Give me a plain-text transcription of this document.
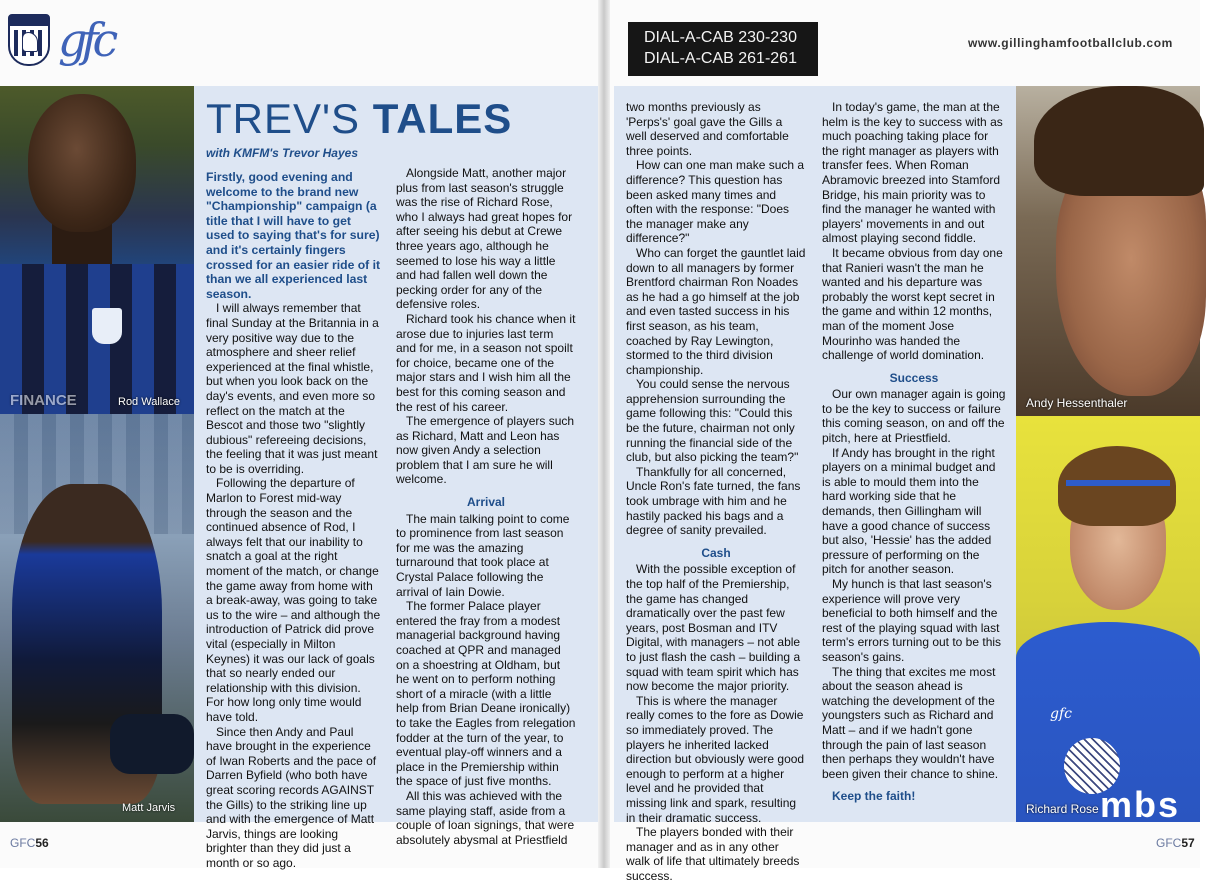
gfc	DIAL-A-CAB 230-230
DIAL-A-CAB 261-261
www.gillinghamfootballclub.com
FINANCE	Rod Wallace
Matt Jarvis
Andy Hessenthaler
gfc
mbs
Richard Rose
TREV'S TALES
with KMFM's Trevor Hayes

Firstly, good evening and welcome to the brand new "Championship" campaign (a title that I will have to get used to saying that's for sure) and it's certainly fingers crossed for an easier ride of it than we all experienced last season.

I will always remember that final Sunday at the Britannia in a very positive way due to the atmosphere and sheer relief experienced at the final whistle, but when you look back on the day's events, and even more so reflect on the match at the Bescot and those two "slightly dubious" refereeing decisions, the feeling that it was just meant to be is overriding.

Following the departure of Marlon to Forest mid-way through the season and the continued absence of Rod, I always felt that our inability to snatch a goal at the right moment of the match, or change the game away from home with a break-away, was going to take us to the wire – and although the introduction of Patrick did prove vital (especially in Milton Keynes) it was our lack of goals that so nearly ended our relationship with this division. For how long only time would have told.

Since then Andy and Paul have brought in the experience of Iwan Roberts and the pace of Darren Byfield (who both have great scoring records AGAINST the Gills) to the striking line up and with the emergence of Matt Jarvis, things are looking brighter than they did just a month or so ago.

Alongside Matt, another major plus from last season's struggle was the rise of Richard Rose, who I always had great hopes for after seeing his debut at Crewe three years ago, although he seemed to lose his way a little and had fallen well down the pecking order for any of the defensive roles.

Richard took his chance when it arose due to injuries last term and for me, in a season not spoilt for choice, became one of the major stars and I wish him all the best for this coming season and the rest of his career.

The emergence of players such as Richard, Matt and Leon has now given Andy a selection problem that I am sure he will welcome.

Arrival

The main talking point to come to prominence from last season for me was the amazing turnaround that took place at Crystal Palace following the arrival of Iain Dowie.

The former Palace player entered the fray from a modest managerial background having coached at QPR and managed on a shoestring at Oldham, but he went on to perform nothing short of a miracle (with a little help from Brian Deane ironically) to take the Eagles from relegation fodder at the turn of the year, to eventual play-off winners and a place in the Premiership within the space of just five months.

All this was achieved with the same playing staff, aside from a couple of loan signings, that were absolutely abysmal at Priestfield

two months previously as 'Perps's' goal gave the Gills a well deserved and comfortable three points.

How can one man make such a difference? This question has been asked many times and often with the response: "Does the manager make any difference?"

Who can forget the gauntlet laid down to all managers by former Brentford chairman Ron Noades as he had a go himself at the job and even tasted success in his first season, as his team, coached by Ray Lewington, stormed to the third division championship.

You could sense the nervous apprehension surrounding the game following this: "Could this be the future, chairman not only running the financial side of the club, but also picking the team?"

Thankfully for all concerned, Uncle Ron's fate turned, the fans took umbrage with him and he hastily packed his bags and a degree of sanity prevailed.

Cash

With the possible exception of the top half of the Premiership, the game has changed dramatically over the past few years, post Bosman and ITV Digital, with managers – not able to just flash the cash – building a squad with team spirit which has now become the major priority.

This is where the manager really comes to the fore as Dowie so immediately proved. The players he inherited lacked direction but obviously were good enough to perform at a higher level and he provided that missing link and spark, resulting in their dramatic success.

The players bonded with their manager and as in any other walk of life that ultimately breeds success.

In today's game, the man at the helm is the key to success with as much poaching taking place for the right manager as players with transfer fees. When Roman Abramovic breezed into Stamford Bridge, his main priority was to find the manager he wanted with players' movements in and out almost playing second fiddle.

It became obvious from day one that Ranieri wasn't the man he wanted and his departure was probably the worst kept secret in the game and within 12 months, man of the moment Jose Mourinho was handed the challenge of world domination.

Success

Our own manager again is going to be the key to success or failure this coming season, on and off the pitch, here at Priestfield.

If Andy has brought in the right players on a minimal budget and is able to mould them into the hard working side that he demands, then Gillingham will have a good chance of success but also, 'Hessie' has the added pressure of performing on the pitch for another season.

My hunch is that last season's experience will prove very beneficial to both himself and the rest of the playing squad with last term's errors turning out to be this season's gains.

The thing that excites me most about the season ahead is watching the development of the youngsters such as Richard and Matt – and if we hadn't gone through the pain of last season then perhaps they wouldn't have been given their chance to shine.

Keep the faith!

GFC56	GFC57
